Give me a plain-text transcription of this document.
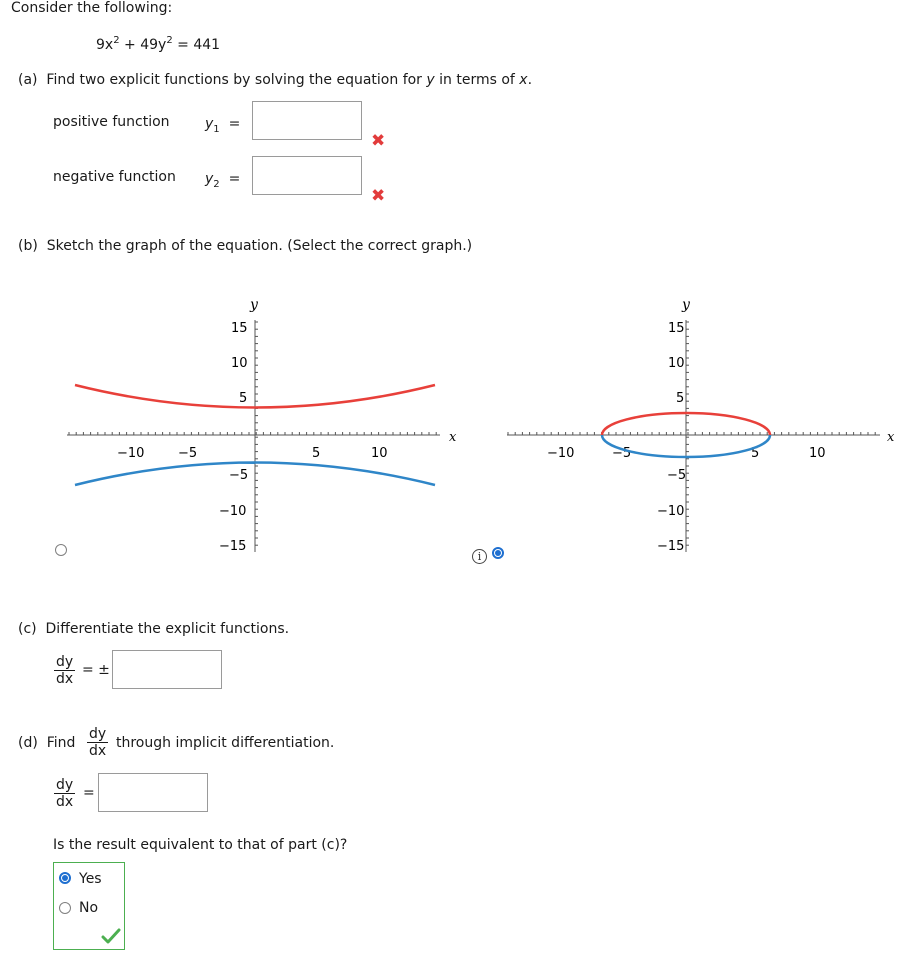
Consider the following:
$9x^2 + 49y^2 = 441$
(a) Find two explicit functions by solving the equation for y in terms of x.
positive function	$y_1$ =
✖
negative function $y_2$ =
✖
(b) Sketch the graph of the equation. (Select the correct graph.)
x
y
−10	−5	5	10
15
10
5
−5
−10
−15
x
y
−10	−5	5	10
15
10
5
−5
−10
−15
i
(c) Differentiate the explicit functions.
$\frac{dy}{dx}$ = ±
(d) Find $\frac{dy}{dx}$ through implicit differentiation.
$\frac{dy}{dx}$ =
Is the result equivalent to that of part (c)?
Yes
No
